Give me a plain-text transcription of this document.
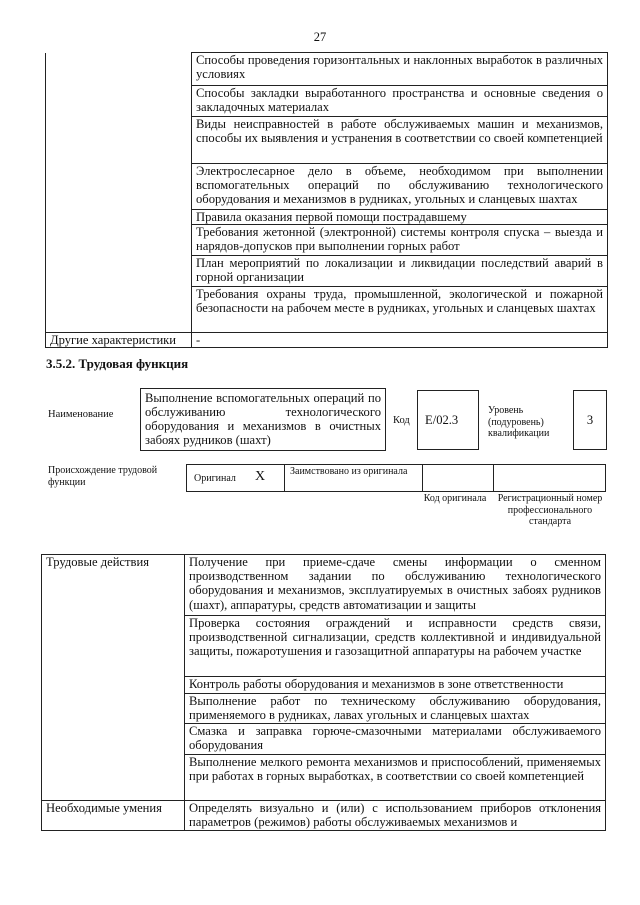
27
	Способы проведения горизонтальных и наклонных выработок в различных условиях
	Способы закладки выработанного пространства и основные сведения о закладочных материалах
	Виды неисправностей в работе обслуживаемых машин и механизмов, способы их выявления и устранения в соответствии со своей компетенцией
	Электрослесарное дело в объеме, необходимом при выполнении вспомогательных операций по обслуживанию технологического оборудования и механизмов в рудниках, угольных и сланцевых шахтах
	Правила оказания первой помощи пострадавшему
	Требования жетонной (электронной) системы контроля спуска – выезда и нарядов-допусков при выполнении горных работ
	План мероприятий по локализации и ликвидации последствий аварий в горной организации
	Требования охраны труда, промышленной, экологической и пожарной безопасности на рабочем месте в рудниках, угольных и сланцевых шахтах
Другие характеристики	-
3.5.2. Трудовая функция
Наименование
Выполнение вспомогательных операций по обслуживанию технологического оборудования и механизмов в очистных забоях рудников (шахт)
Код	E/02.3
Уровень (подуровень) квалификации
3
Происхождение трудовой функции	Оригинал X Заимствовано из оригинала
Код оригинала	Регистрационный номер профессионального стандарта
Трудовые действия	Получение при приеме-сдаче смены информации о сменном производственном задании по обслуживанию технологического оборудования и механизмов, эксплуатируемых в очистных забоях рудников (шахт), аппаратуры, средств автоматизации и защиты
	Проверка состояния ограждений и исправности средств связи, производственной сигнализации, средств коллективной и индивидуальной защиты, пожаротушения и газозащитной аппаратуры на рабочем участке
	Контроль работы оборудования и механизмов в зоне ответственности
	Выполнение работ по техническому обслуживанию оборудования, применяемого в рудниках, лавах угольных и сланцевых шахтах
	Смазка и заправка горюче-смазочными материалами обслуживаемого оборудования
	Выполнение мелкого ремонта механизмов и приспособлений, применяемых при работах в горных выработках, в соответствии со своей компетенцией
Необходимые умения	Определять визуально и (или) с использованием приборов отклонения параметров (режимов) работы обслуживаемых механизмов и
